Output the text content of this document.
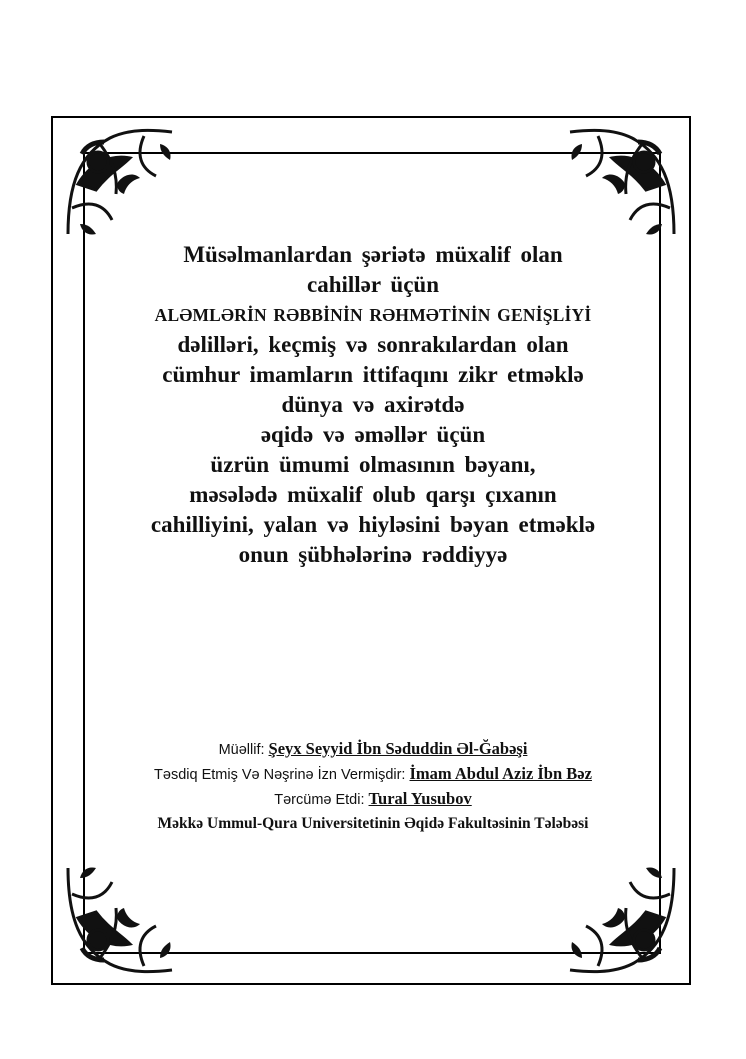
Müsəlmanlardan şəriətə müxalif olan
cahillər üçün
ALƏMLƏRİN RƏBBİNİN RƏHMƏTİNİN GENİŞLİYİ
dəlilləri, keçmiş və sonrakılardan olan
cümhur imamların ittifaqını zikr etməklə
dünya və axirətdə
əqidə və əməllər üçün
üzrün ümumi olmasının bəyanı,
məsələdə müxalif olub qarşı çıxanın
cahilliyini, yalan və hiyləsini bəyan etməklə
onun şübhələrinə rəddiyyə
Müəllif: Şeyx Seyyid İbn Səduddin Əl-Ğabəşi
Təsdiq Etmiş Və Nəşrinə İzn Vermişdir: İmam Abdul Aziz İbn Bəz
Tərcümə Etdi: Tural Yusubov
Məkkə Ummul-Qura Universitetinin Əqidə Fakultəsinin Tələbəsi
